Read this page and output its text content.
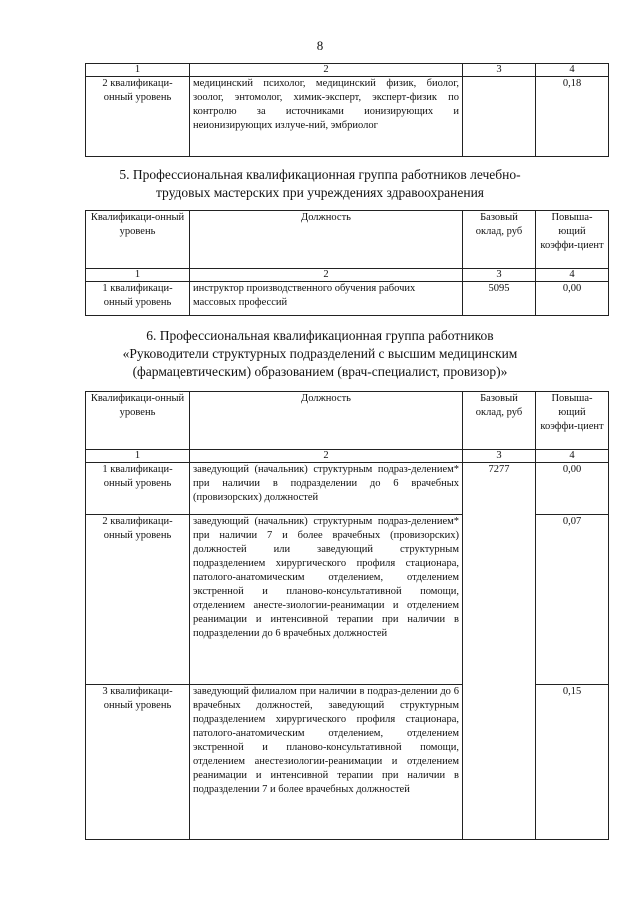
8
1	2	3	4
2 квалификаци-онный уровень	медицинский психолог, медицинский физик, биолог, зоолог, энтомолог, химик-эксперт, эксперт-физик по контролю за источниками ионизирующих и неионизирующих излуче-ний, эмбриолог		0,18
5. Профессиональная квалификационная группа работников лечебно-
трудовых мастерских при учреждениях здравоохранения
Квалификаци-онный уровень	Должность	Базовый оклад, руб	Повыша-ющий коэффи-циент
1	2	3	4
1 квалификаци-онный уровень	инструктор производственного обучения рабочих массовых профессий	5095	0,00
6. Профессиональная квалификационная группа работников
«Руководители структурных подразделений с высшим медицинским
(фармацевтическим) образованием (врач-специалист, провизор)»
Квалификаци-онный уровень	Должность	Базовый оклад, руб	Повыша-ющий коэффи-циент
1	2	3	4
1 квалификаци-онный уровень	заведующий (начальник) структурным подраз-делением* при наличии в подразделении до 6 врачебных (провизорских) должностей	7277	0,00
2 квалификаци-онный уровень	заведующий (начальник) структурным подраз-делением* при наличии 7 и более врачебных (провизорских) должностей или заведующий структурным подразделением хирургического профиля стационара, патолого-анатомическим отделением, отделением экстренной и планово-консультативной помощи, отделением анесте-зиологии-реанимации и отделением реанимации и интенсивной терапии при наличии в подразделении до 6 врачебных должностей		0,07
3 квалификаци-онный уровень	заведующий филиалом при наличии в подраз-делении до 6 врачебных должностей, заведующий структурным подразделением хирургического профиля стационара, патолого-анатомическим отделением, отделением экстренной и планово-консультативной помощи, отделением анестезиологии-реанимации и отделением реанимации и интенсивной терапии при наличии в подразделении 7 и более врачебных должностей		0,15
